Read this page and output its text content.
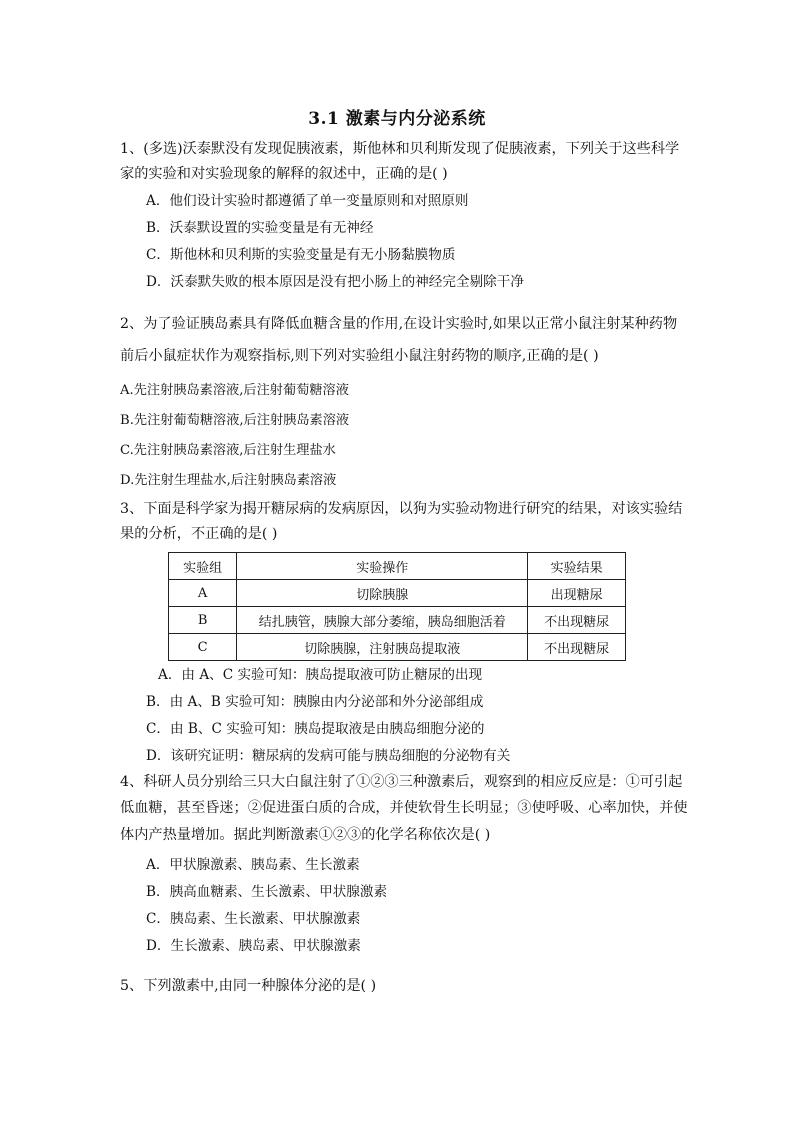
3.1 激素与内分泌系统
1、(多选)沃泰默没有发现促胰液素，斯他林和贝利斯发现了促胰液素，下列关于这些科学
家的实验和对实验现象的解释的叙述中，正确的是( )
A．他们设计实验时都遵循了单一变量原则和对照原则
B．沃泰默设置的实验变量是有无神经
C．斯他林和贝利斯的实验变量是有无小肠黏膜物质
D．沃泰默失败的根本原因是没有把小肠上的神经完全剔除干净
2、为了验证胰岛素具有降低血糖含量的作用,在设计实验时,如果以正常小鼠注射某种药物
前后小鼠症状作为观察指标,则下列对实验组小鼠注射药物的顺序,正确的是( )
A.先注射胰岛素溶液,后注射葡萄糖溶液
B.先注射葡萄糖溶液,后注射胰岛素溶液
C.先注射胰岛素溶液,后注射生理盐水
D.先注射生理盐水,后注射胰岛素溶液
3、下面是科学家为揭开糖尿病的发病原因，以狗为实验动物进行研究的结果，对该实验结
果的分析，不正确的是( )
实验组	实验操作	实验结果
A	切除胰腺	出现糖尿
B	结扎胰管，胰腺大部分萎缩，胰岛细胞活着	不出现糖尿
C	切除胰腺，注射胰岛提取液	不出现糖尿
A．由 A、C 实验可知：胰岛提取液可防止糖尿的出现
B．由 A、B 实验可知：胰腺由内分泌部和外分泌部组成
C．由 B、C 实验可知：胰岛提取液是由胰岛细胞分泌的
D．该研究证明：糖尿病的发病可能与胰岛细胞的分泌物有关
4、科研人员分别给三只大白鼠注射了①②③三种激素后，观察到的相应反应是：①可引起
低血糖，甚至昏迷；②促进蛋白质的合成，并使软骨生长明显；③使呼吸、心率加快，并使
体内产热量增加。据此判断激素①②③的化学名称依次是( )
A．甲状腺激素、胰岛素、生长激素
B．胰高血糖素、生长激素、甲状腺激素
C．胰岛素、生长激素、甲状腺激素
D．生长激素、胰岛素、甲状腺激素
5、下列激素中,由同一种腺体分泌的是( )
